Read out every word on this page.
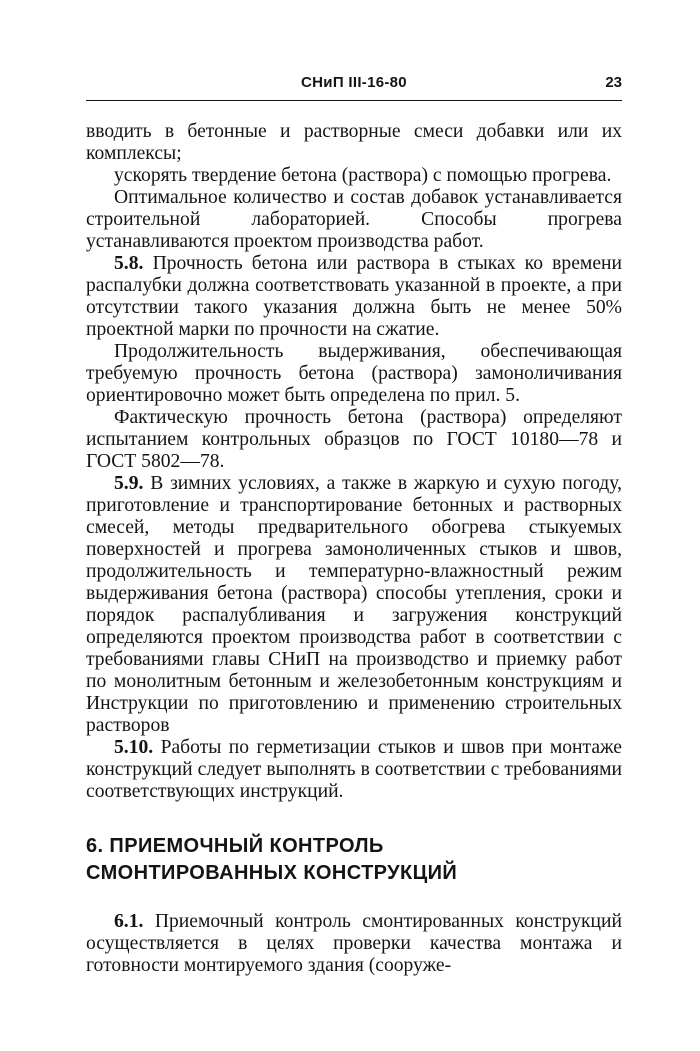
СНиП III-16-80	23

вводить в бетонные и растворные смеси добавки или их комплексы;

ускорять твердение бетона (раствора) с помощью прогрева.

Оптимальное количество и состав добавок устанавливается строительной лабораторией. Способы прогрева устанавливаются проектом производства работ.

5.8. Прочность бетона или раствора в стыках ко времени распалубки должна соответствовать указанной в проекте, а при отсутствии такого указания должна быть не менее 50% проектной марки по прочности на сжатие.

Продолжительность выдерживания, обеспечивающая требуемую прочность бетона (раствора) замоноличивания ориентировочно может быть определена по прил. 5.

Фактическую прочность бетона (раствора) определяют испытанием контрольных образцов по ГОСТ 10180—78 и ГОСТ 5802—78.

5.9. В зимних условиях, а также в жаркую и сухую погоду, приготовление и транспортирование бетонных и растворных смесей, методы предварительного обогрева стыкуемых поверхностей и прогрева замоноличенных стыков и швов, продолжительность и температурно-влажностный режим выдерживания бетона (раствора) способы утепления, сроки и порядок распалубливания и загружения конструкций определяются проектом производства работ в соответствии с требованиями главы СНиП на производство и приемку работ по монолитным бетонным и железобетонным конструкциям и Инструкции по приготовлению и применению строительных растворов

5.10. Работы по герметизации стыков и швов при монтаже конструкций следует выполнять в соответствии с требованиями соответствующих инструкций.

6. ПРИЕМОЧНЫЙ КОНТРОЛЬ
СМОНТИРОВАННЫХ КОНСТРУКЦИЙ

6.1. Приемочный контроль смонтированных конструкций осуществляется в целях проверки качества монтажа и готовности монтируемого здания (сооруже-
